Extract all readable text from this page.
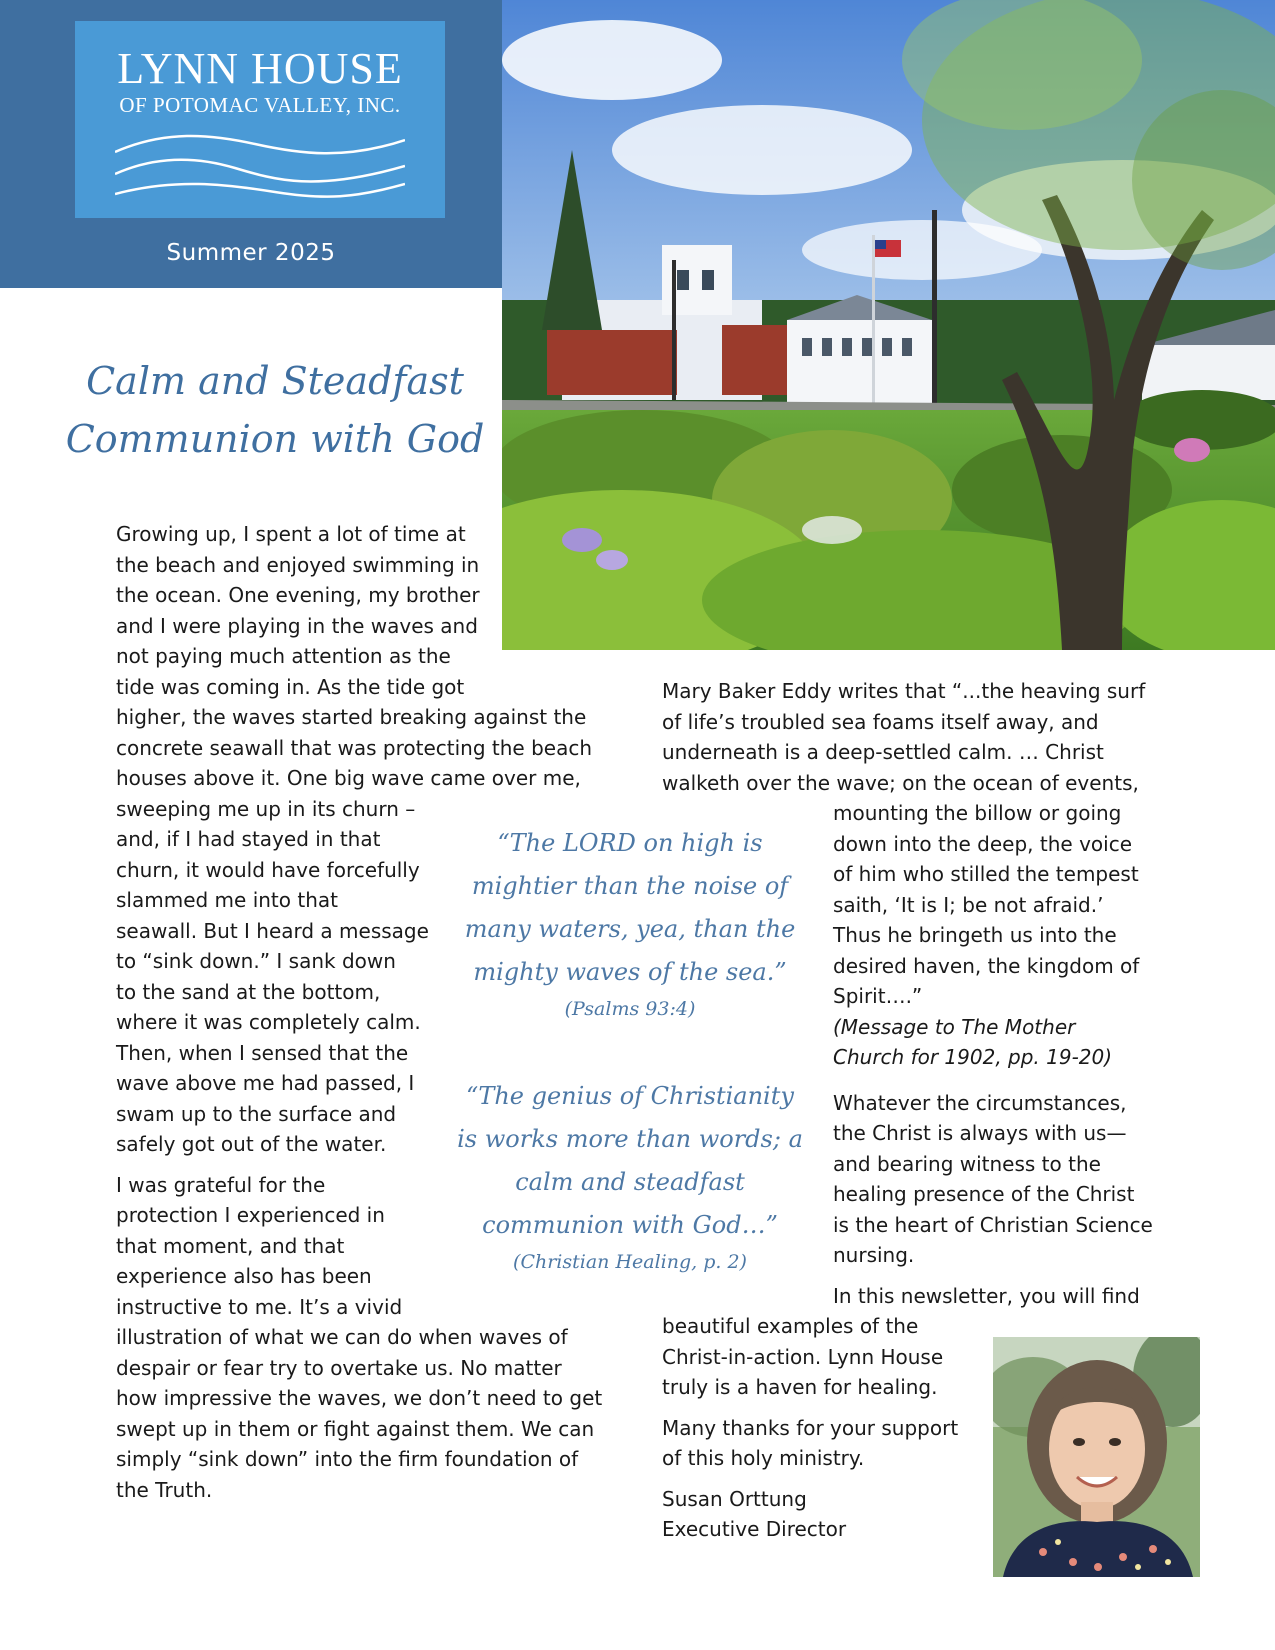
LYNN HOUSE
OF POTOMAC VALLEY, INC.
Summer 2025
Calm and Steadfast
Communion with God

Growing up, I spent a lot of time at
the beach and enjoyed swimming in
the ocean. One evening, my brother
and I were playing in the waves and
not paying much attention as the
tide was coming in. As the tide got
higher, the waves started breaking against the
concrete seawall that was protecting the beach
houses above it. One big wave came over me,
sweeping me up in its churn –
and, if I had stayed in that
churn, it would have forcefully
slammed me into that
seawall. But I heard a message
to “sink down.” I sank down
to the sand at the bottom,
where it was completely calm.
Then, when I sensed that the
wave above me had passed, I
swam up to the surface and
safely got out of the water.

I was grateful for the
protection I experienced in
that moment, and that
experience also has been
instructive to me. It’s a vivid
illustration of what we can do when waves of
despair or fear try to overtake us. No matter
how impressive the waves, we don’t need to get
swept up in them or fight against them. We can
simply “sink down” into the firm foundation of
the Truth.

“The LORD on high is
mightier than the noise of
many waters, yea, than the
mighty waves of the sea.”
(Psalms 93:4)
“The genius of Christianity
is works more than words; a
calm and steadfast
communion with God…”
(Christian Healing, p. 2)
Mary Baker Eddy writes that “...the heaving surf
of life’s troubled sea foams itself away, and
underneath is a deep-settled calm. … Christ
walketh over the wave; on the ocean of events,
mounting the billow or going
down into the deep, the voice
of him who stilled the tempest
saith, ‘It is I; be not afraid.’
Thus he bringeth us into the
desired haven, the kingdom of
Spirit….”
(Message to The Mother
Church for 1902, pp. 19-20)
Whatever the circumstances,
the Christ is always with us—
and bearing witness to the
healing presence of the Christ
is the heart of Christian Science
nursing.
In this newsletter, you will find
beautiful examples of the
Christ-in-action. Lynn House
truly is a haven for healing.
Many thanks for your support
of this holy ministry.
Susan Orttung
Executive Director
